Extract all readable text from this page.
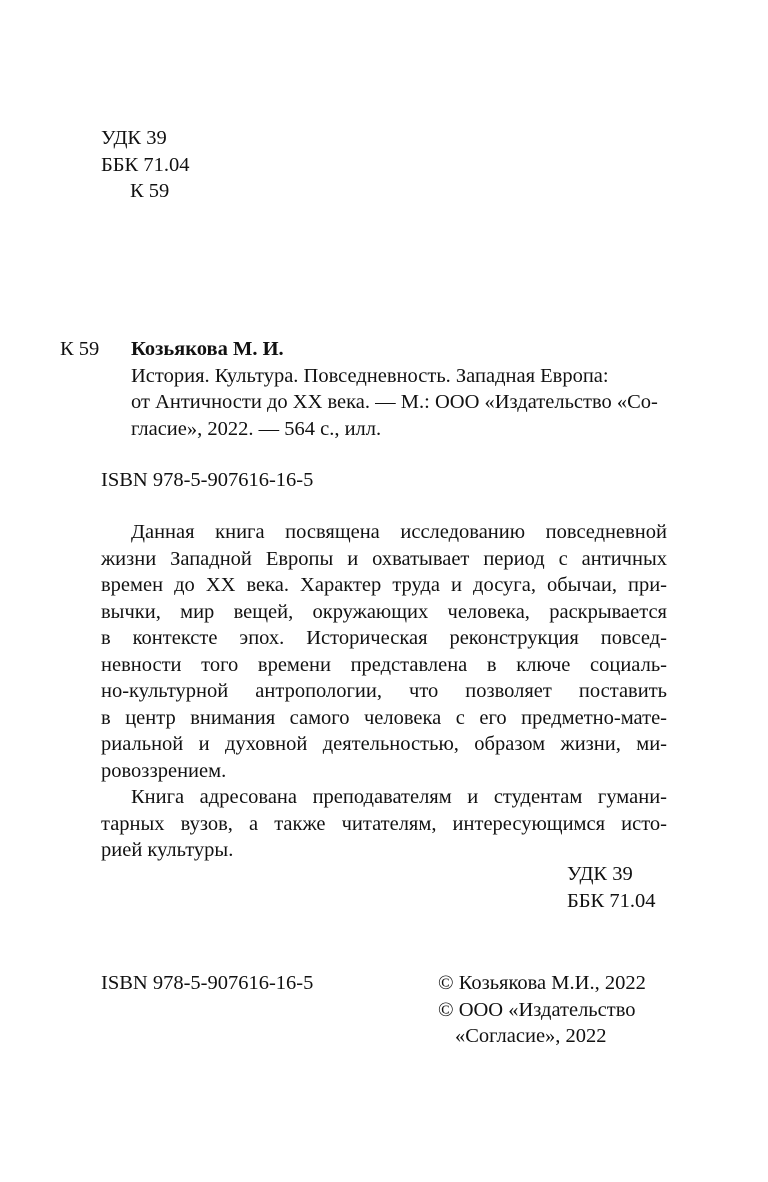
УДК 39
ББК 71.04
К 59
К 59 Козьякова М. И.
История. Культура. Повседневность. Западная Европа:
от Античности до XX века. — М.: ООО «Издательство «Со-
гласие», 2022. — 564 с., илл.
ISBN 978-5-907616-16-5
Данная книга посвящена исследованию повседневной
жизни Западной Европы и охватывает период с античных
времен до XX века. Характер труда и досуга, обычаи, при-
вычки, мир вещей, окружающих человека, раскрывается
в контексте эпох. Историческая реконструкция повсед-
невности того времени представлена в ключе социаль-
но-культурной антропологии, что позволяет поставить
в центр внимания самого человека с его предметно-мате-
риальной и духовной деятельностью, образом жизни, ми-
ровоззрением.
Книга адресована преподавателям и студентам гумани-
тарных вузов, а также читателям, интересующимся исто-
рией культуры.
УДК 39
ББК 71.04
ISBN 978-5-907616-16-5	© Козьякова М.И., 2022
© ООО «Издательство
«Согласие», 2022
